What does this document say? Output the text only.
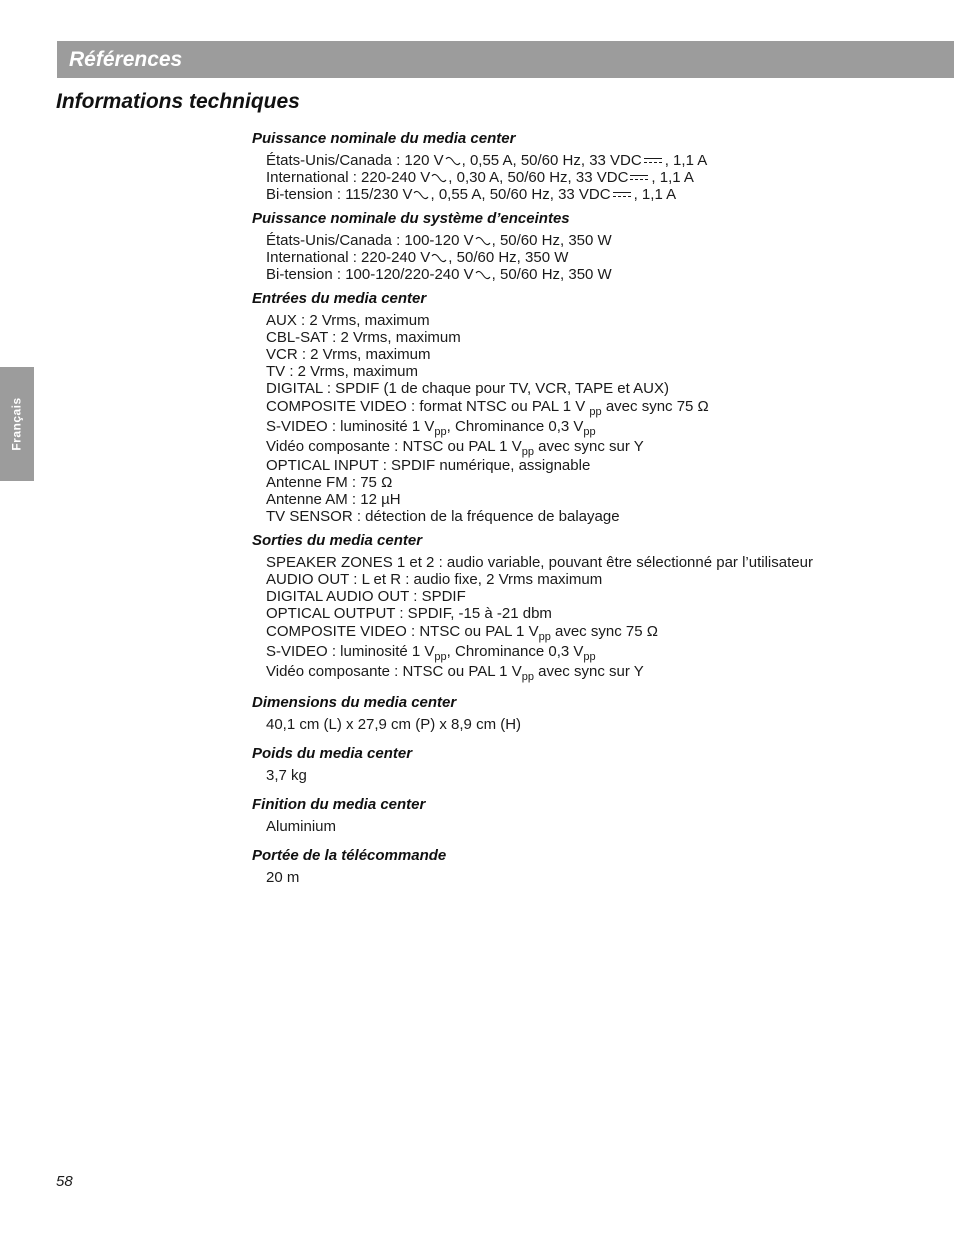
Références
Informations techniques
Français
Puissance nominale du media center
États-Unis/Canada : 120 V , 0,55 A, 50/60 Hz, 33 VDC , 1,1 A
International : 220-240 V , 0,30 A, 50/60 Hz, 33 VDC , 1,1 A
Bi-tension : 115/230 V , 0,55 A, 50/60 Hz, 33 VDC , 1,1 A
Puissance nominale du système d’enceintes
États-Unis/Canada : 100-120 V , 50/60 Hz, 350 W
International : 220-240 V , 50/60 Hz, 350 W
Bi-tension : 100-120/220-240 V , 50/60 Hz, 350 W
Entrées du media center
AUX : 2 Vrms, maximum
CBL-SAT : 2 Vrms, maximum
VCR : 2 Vrms, maximum
TV : 2 Vrms, maximum
DIGITAL : SPDIF (1 de chaque pour TV, VCR, TAPE et AUX)
COMPOSITE VIDEO : format NTSC ou PAL 1 V $_{pp}$ avec sync 75 Ω
S-VIDEO : luminosité 1 $V_{pp}$, Chrominance 0,3 $V_{pp}$
Vidéo composante : NTSC ou PAL 1 $V_{pp}$ avec sync sur Y
OPTICAL INPUT : SPDIF numérique, assignable
Antenne FM : 75 Ω
Antenne AM : 12 µH
TV SENSOR : détection de la fréquence de balayage
Sorties du media center
SPEAKER ZONES 1 et 2 : audio variable, pouvant être sélectionné par l’utilisateur
AUDIO OUT : L et R : audio fixe, 2 Vrms maximum
DIGITAL AUDIO OUT : SPDIF
OPTICAL OUTPUT : SPDIF, -15 à -21 dbm
COMPOSITE VIDEO : NTSC ou PAL 1 $V_{pp}$ avec sync 75 Ω
S-VIDEO : luminosité 1 $V_{pp}$, Chrominance 0,3 $V_{pp}$
Vidéo composante : NTSC ou PAL 1 $V_{pp}$ avec sync sur Y
Dimensions du media center
40,1 cm (L) x 27,9 cm (P) x 8,9 cm (H)
Poids du media center
3,7 kg
Finition du media center
Aluminium
Portée de la télécommande
20 m
58
